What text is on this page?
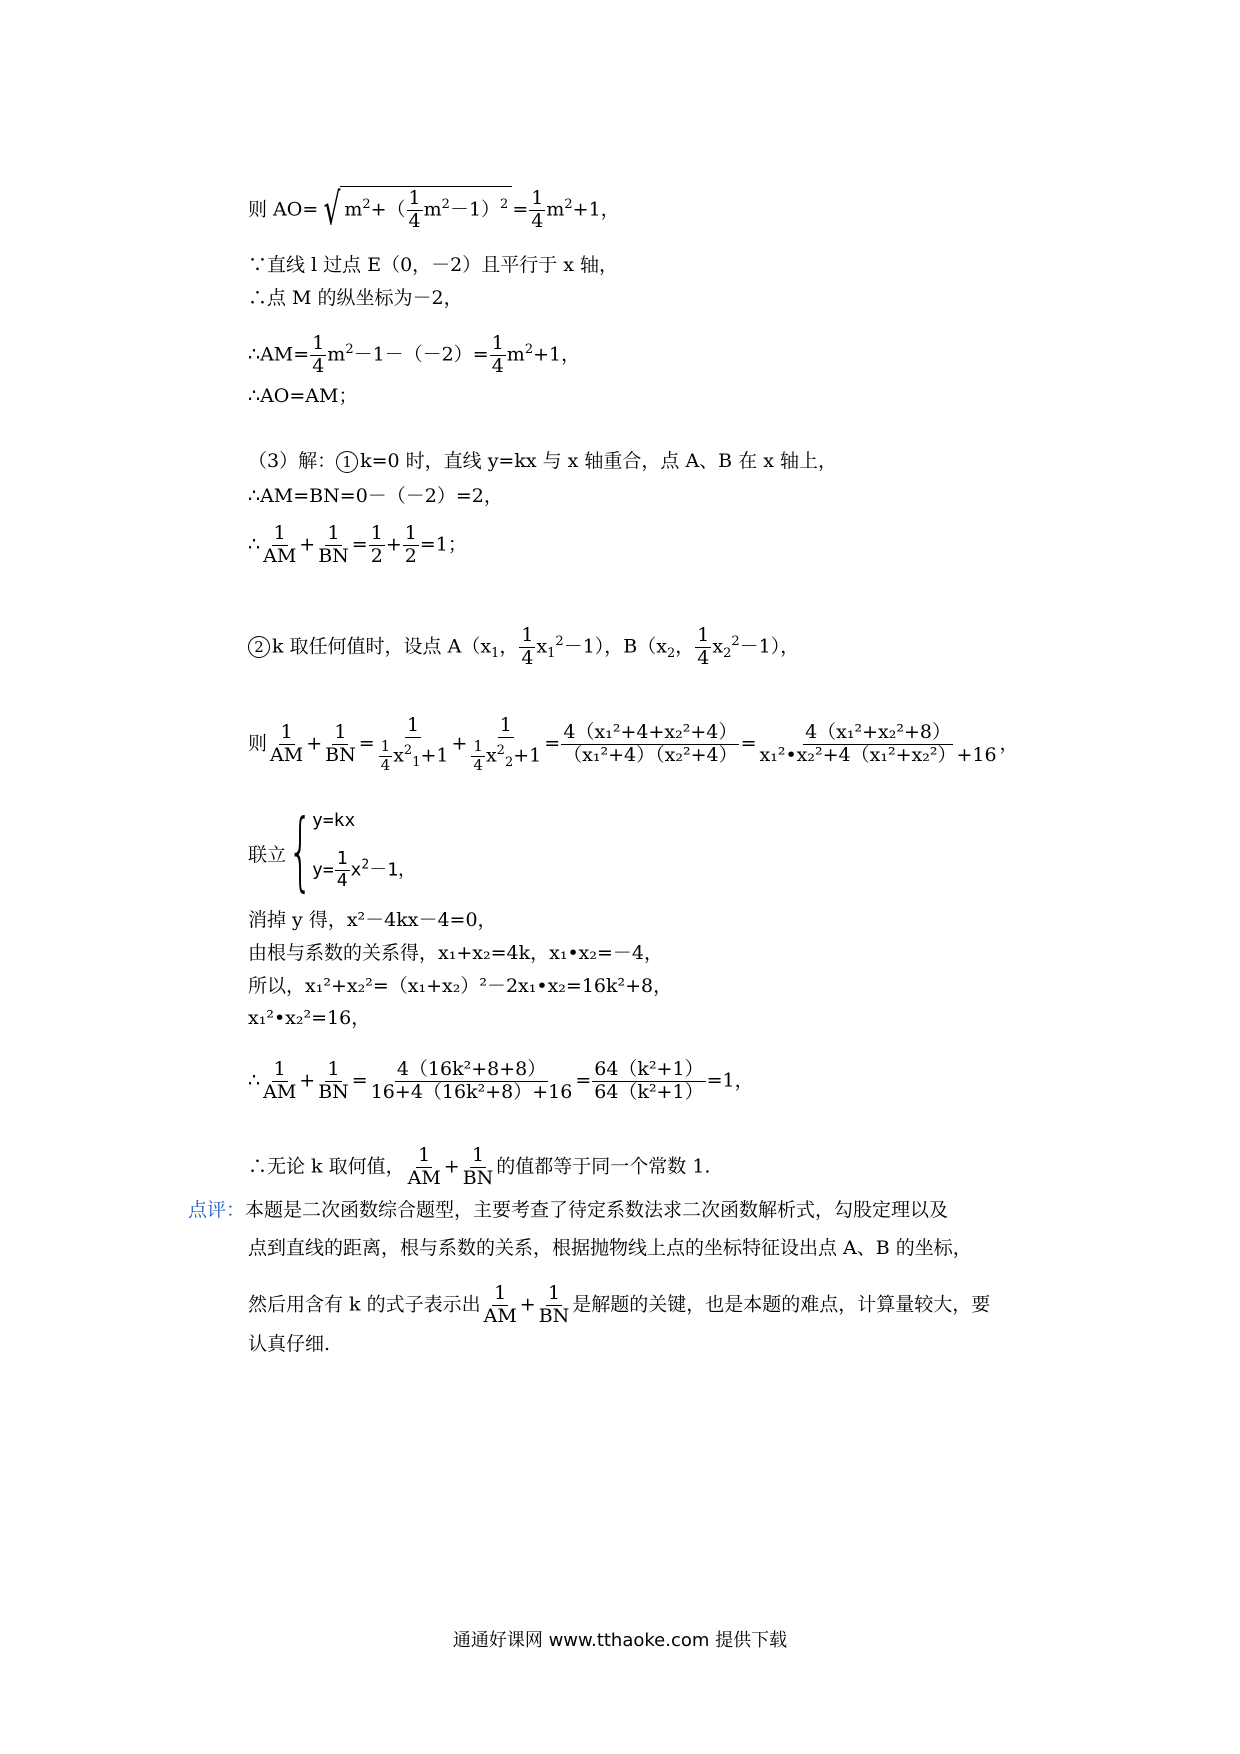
则 AO= √ $m^2+( \frac{1}{4} m^2-1)^2 = \frac{1}{4} m^2+1$，
∵直线 l 过点 E（0，－2）且平行于 x 轴，
∴点 M 的纵坐标为－2，
∴AM= $\frac{1}{4} m^2-1-(-2)= \frac{1}{4} m^2+1$，
∴AO=AM；
（3）解： 1 k=0 时，直线 y=kx 与 x 轴重合，点 A、B 在 x 轴上，
∴AM=BN=0－（－2）=2，
∴ $\frac{1}{AM} + \frac{1}{BN} = \frac{1}{2} + \frac{1}{2} =1$；
2 k 取任何值时，设点 $A(x_1$， $\frac{1}{4} x_1^2-1$），$B(x_2$， $\frac{1}{4} x_2^2-1$），
则 $\frac{1}{AM} + \frac{1}{BN} = \frac{1}{\frac{1}{4} x^2_1+1} + \frac{1}{\frac{1}{4} x^2_2+1} = \frac{\text{4（x₁²+4+x₂²+4）}}{\text{（x₁²+4）（x₂²+4）}} = \frac{\text{4（x₁²+x₂²+8）}}{\text{x₁²•x₂²+4（x₁²+x₂²）+16}}$ ，
联立 { y=kx
$y= \frac{1}{4} x^2-1$，
消掉 y 得，x²－4kx－4=0，
由根与系数的关系得，x₁+x₂=4k，x₁•x₂=－4，
所以，x₁²+x₂²=（x₁+x₂）²－2x₁•x₂=16k²+8，
x₁²•x₂²=16，
∴ $\frac{1}{AM} + \frac{1}{BN} = \frac{\text{4（16k²+8+8）}}{\text{16+4（16k²+8）+16}} = \frac{\text{64（k²+1）}}{\text{64（k²+1）}} =1$，
∴无论 k 取何值， $\frac{1}{AM} + \frac{1}{BN}$ 的值都等于同一个常数 1.
点评：本题是二次函数综合题型，主要考查了待定系数法求二次函数解析式，勾股定理以及
点到直线的距离，根与系数的关系，根据抛物线上点的坐标特征设出点 A、B 的坐标，
然后用含有 k 的式子表示出 $\frac{1}{AM} + \frac{1}{BN}$ 是解题的关键，也是本题的难点，计算量较大，要
认真仔细.
通通好课网 www.tthaoke.com 提供下载
